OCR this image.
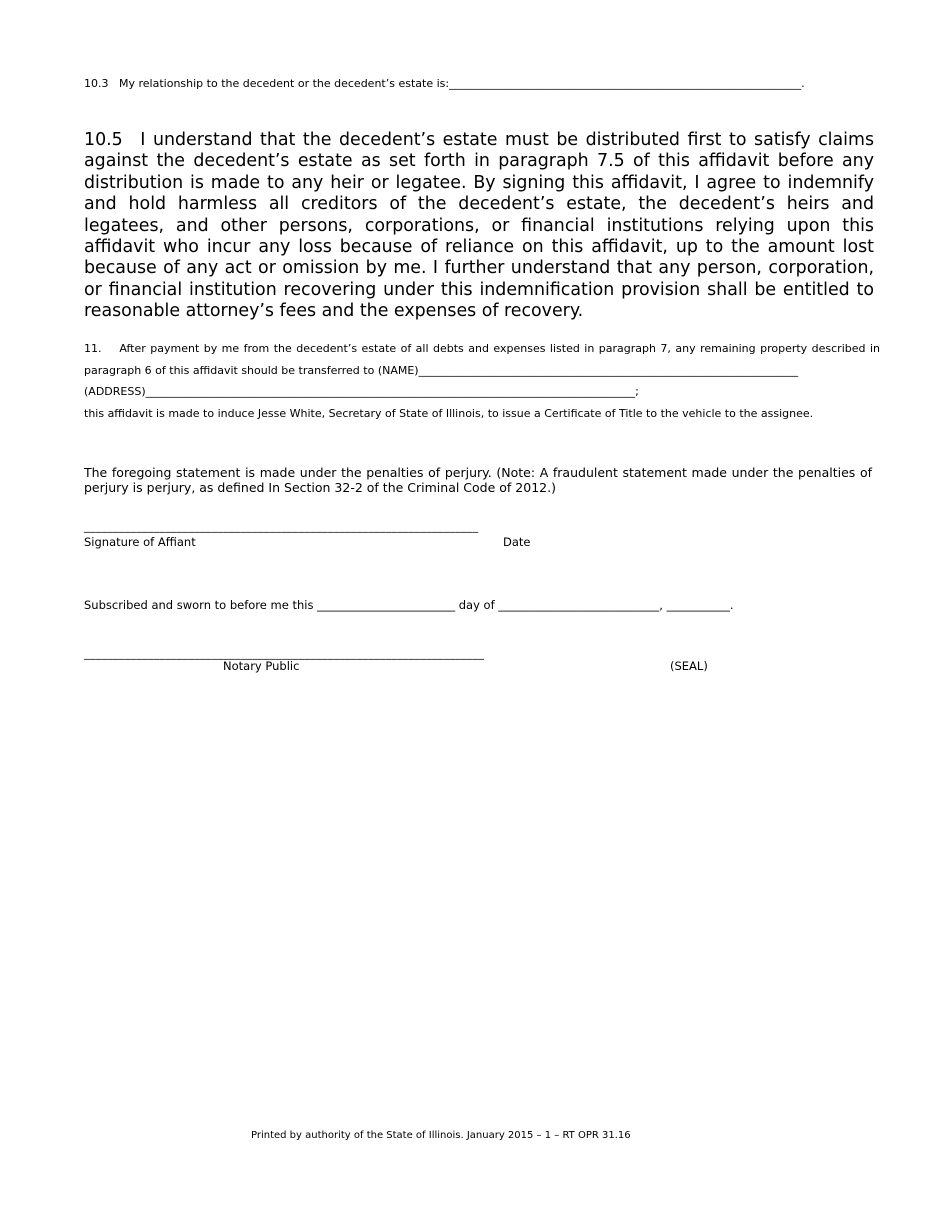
10.3 My relationship to the decedent or the decedent’s estate is:________________________________________________________________.
10.5 I understand that the decedent’s estate must be distributed first to satisfy claims against the decedent’s estate as set forth in paragraph 7.5 of this affidavit before any distribution is made to any heir or legatee. By signing this affidavit, I agree to indemnify and hold harmless all creditors of the decedent’s estate, the decedent’s heirs and legatees, and other persons, corporations, or financial institutions relying upon this affidavit who incur any loss because of reliance on this affidavit, up to the amount lost because of any act or omission by me. I further understand that any person, corporation, or financial institution recovering under this indemnification provision shall be entitled to reasonable attorney’s fees and the expenses of recovery.
11. After payment by me from the decedent’s estate of all debts and expenses listed in paragraph 7, any remaining property described in
paragraph 6 of this affidavit should be transferred to (NAME)_____________________________________________________________________
(ADDRESS)_________________________________________________________________________________________;
this affidavit is made to induce Jesse White, Secretary of State of Illinois, to issue a Certificate of Title to the vehicle to the assignee.
The foregoing statement is made under the penalties of perjury. (Note: A fraudulent statement made under the penalties of perjury is perjury, as defined In Section 32-2 of the Criminal Code of 2012.)
____________________________________________________________________
Signature of Affiant	Date
Subscribed and sworn to before me this ________________________ day of ____________________________, ___________.
_____________________________________________________________________
Notary Public	(SEAL)
Printed by authority of the State of Illinois. January 2015 – 1 – RT OPR 31.16
